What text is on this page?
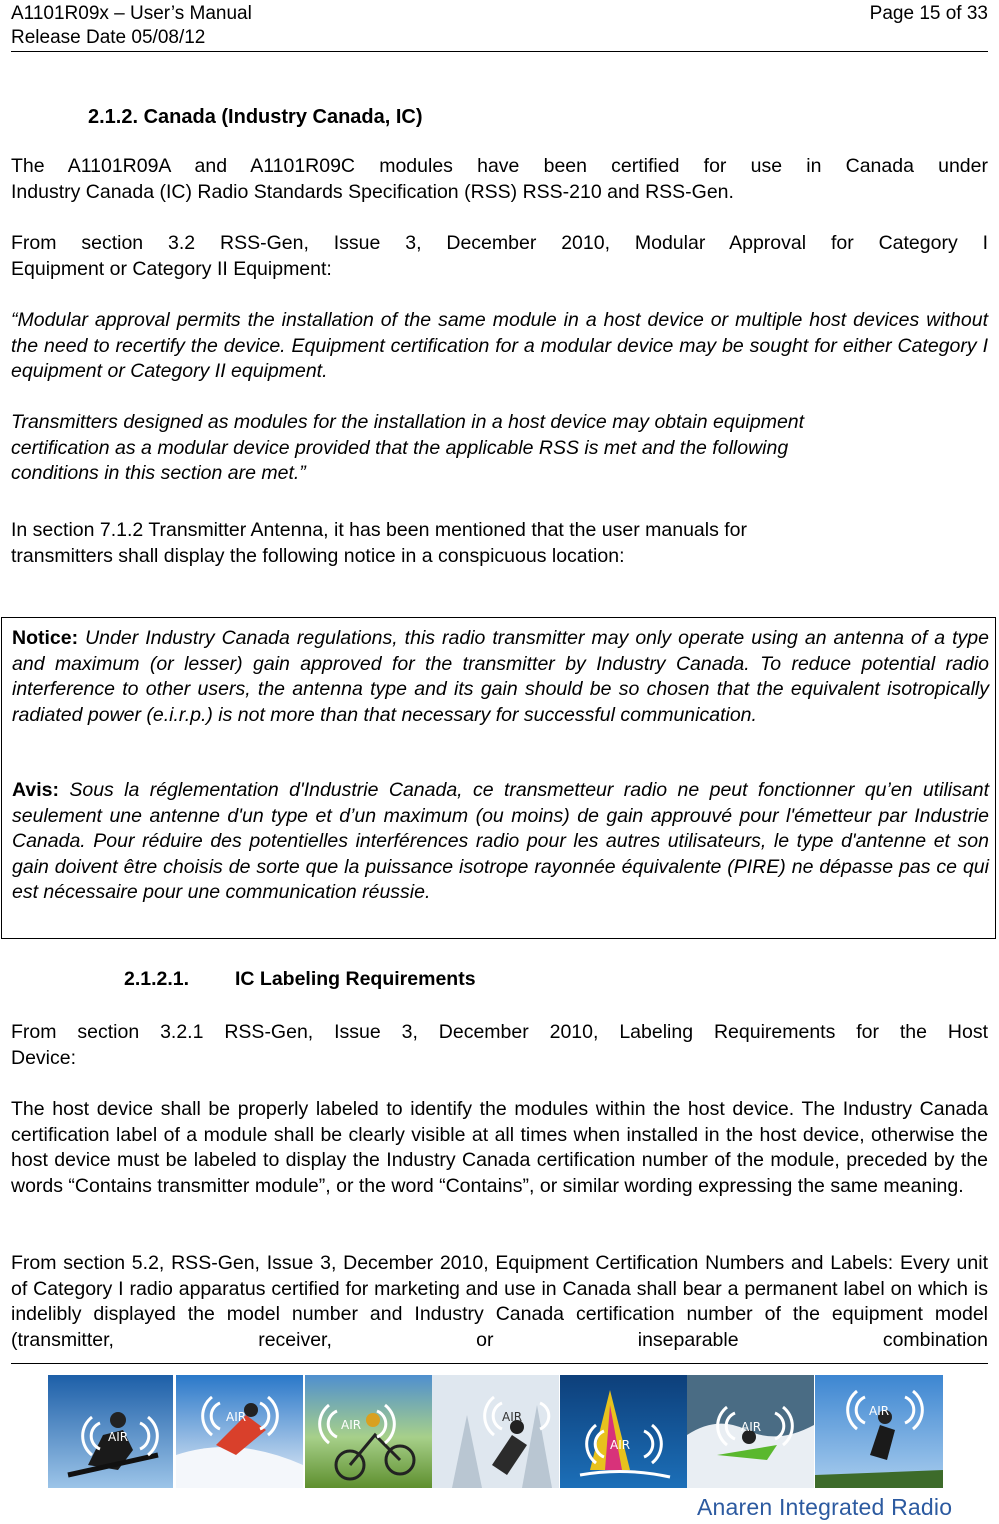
A1101R09x – User’s Manual
Release Date 05/08/12
Page 15 of 33
2.1.2. Canada (Industry Canada, IC)
The A1101R09A and A1101R09C modules have been certified for use in Canada under
Industry Canada (IC) Radio Standards Specification (RSS) RSS-210 and RSS-Gen.
From section 3.2 RSS-Gen, Issue 3, December 2010, Modular Approval for Category I
Equipment or Category II Equipment:

“Modular approval permits the installation of the same module in a host device or multiple host devices without the need to recertify the device. Equipment certification for a modular device may be sought for either Category I equipment or Category II equipment.

Transmitters designed as modules for the installation in a host device may obtain equipment
certification as a modular device provided that the applicable RSS is met and the following
conditions in this section are met.”
In section 7.1.2 Transmitter Antenna, it has been mentioned that the user manuals for
transmitters shall display the following notice in a conspicuous location:

Notice: Under Industry Canada regulations, this radio transmitter may only operate using an antenna of a type and maximum (or lesser) gain approved for the transmitter by Industry Canada. To reduce potential radio interference to other users, the antenna type and its gain should be so chosen that the equivalent isotropically radiated power (e.i.r.p.) is not more than that necessary for successful communication.

Avis: Sous la réglementation d'Industrie Canada, ce transmetteur radio ne peut fonctionner qu’en utilisant seulement une antenne d'un type et d’un maximum (ou moins) de gain approuvé pour l'émetteur par Industrie Canada. Pour réduire des potentielles interférences radio pour les autres utilisateurs, le type d'antenne et son gain doivent être choisis de sorte que la puissance isotrope rayonnée équivalente (PIRE) ne dépasse pas ce qui est nécessaire pour une communication réussie.

2.1.2.1. IC Labeling Requirements
From section 3.2.1 RSS-Gen, Issue 3, December 2010, Labeling Requirements for the Host
Device:

The host device shall be properly labeled to identify the modules within the host device. The Industry Canada certification label of a module shall be clearly visible at all times when installed in the host device, otherwise the host device must be labeled to display the Industry Canada certification number of the module, preceded by the words “Contains transmitter module”, or the word “Contains”, or similar wording expressing the same meaning.

From section 5.2, RSS-Gen, Issue 3, December 2010, Equipment Certification Numbers and Labels: Every unit of Category I radio apparatus certified for marketing and use in Canada shall bear a permanent label on which is indelibly displayed the model number and Industry Canada certification number of the equipment model (transmitter, receiver, or inseparable combination

AIR
AIR
AIR
AIR
AIR
AIR
AIR
Anaren Integrated Radio
